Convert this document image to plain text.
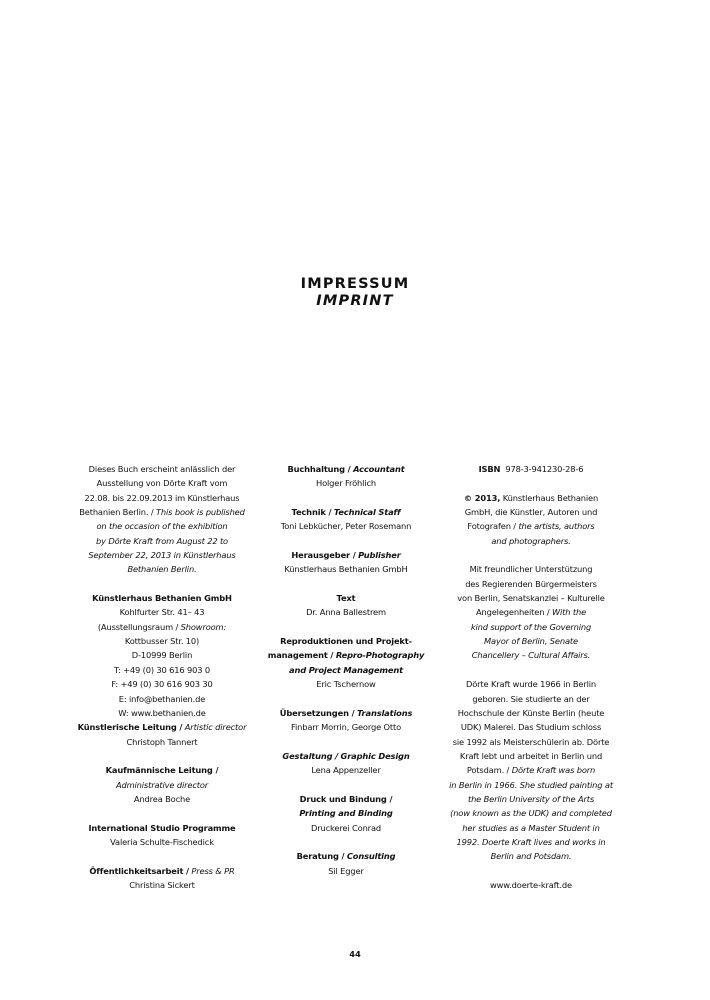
IMPRESSUM
IMPRINT
Dieses Buch erscheint anlässlich der
Ausstellung von Dörte Kraft vom
22.08. bis 22.09.2013 im Künstlerhaus
Bethanien Berlin. / This book is published
on the occasion of the exhibition
by Dörte Kraft from August 22 to
September 22, 2013 in Künstlerhaus
Bethanien Berlin.
Künstlerhaus Bethanien GmbH
Kohlfurter Str. 41– 43
(Ausstellungsraum / Showroom:
Kottbusser Str. 10)
D-10999 Berlin
T: +49 (0) 30 616 903 0
F: +49 (0) 30 616 903 30
E: info@bethanien.de
W: www.bethanien.de
Künstlerische Leitung / Artistic director
Christoph Tannert
Kaufmännische Leitung /
Administrative director
Andrea Boche
International Studio Programme
Valeria Schulte-Fischedick
Öffentlichkeitsarbeit / Press & PR
Christina Sickert
Buchhaltung / Accountant
Holger Fröhlich
Technik / Technical Staff
Toni Lebkücher, Peter Rosemann
Herausgeber / Publisher
Künstlerhaus Bethanien GmbH
Text
Dr. Anna Ballestrem
Reproduktionen und Projekt-
management / Repro-Photography
and Project Management
Eric Tschernow
Übersetzungen / Translations
Finbarr Morrin, George Otto
Gestaltung / Graphic Design
Lena Appenzeller
Druck und Bindung /
Printing and Binding
Druckerei Conrad
Beratung / Consulting
Sil Egger
ISBN 978-3-941230-28-6
© 2013, Künstlerhaus Bethanien
GmbH, die Künstler, Autoren und
Fotografen / the artists, authors
and photographers.
Mit freundlicher Unterstützung
des Regierenden Bürgermeisters
von Berlin, Senatskanzlei – Kulturelle
Angelegenheiten / With the
kind support of the Governing
Mayor of Berlin, Senate
Chancellery – Cultural Affairs.
Dörte Kraft wurde 1966 in Berlin
geboren. Sie studierte an der
Hochschule der Künste Berlin (heute
UDK) Malerei. Das Studium schloss
sie 1992 als Meisterschülerin ab. Dörte
Kraft lebt und arbeitet in Berlin und
Potsdam. / Dörte Kraft was born
in Berlin in 1966. She studied painting at
the Berlin University of the Arts
(now known as the UDK) and completed
her studies as a Master Student in
1992. Doerte Kraft lives and works in
Berlin and Potsdam.
www.doerte-kraft.de
44
